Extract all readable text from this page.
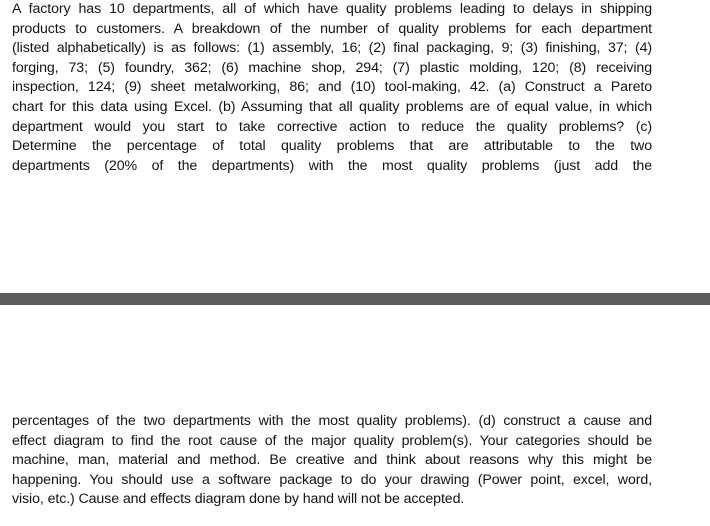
A factory has 10 departments, all of which have quality problems leading to delays in shipping
products to customers. A breakdown of the number of quality problems for each department
(listed alphabetically) is as follows: (1) assembly, 16; (2) final packaging, 9; (3) finishing, 37; (4)
forging, 73; (5) foundry, 362; (6) machine shop, 294; (7) plastic molding, 120; (8) receiving
inspection, 124; (9) sheet metalworking, 86; and (10) tool-making, 42. (a) Construct a Pareto
chart for this data using Excel. (b) Assuming that all quality problems are of equal value, in which
department would you start to take corrective action to reduce the quality problems? (c)
Determine the percentage of total quality problems that are attributable to the two
departments (20% of the departments) with the most quality problems (just add the
percentages of the two departments with the most quality problems). (d) construct a cause and
effect diagram to find the root cause of the major quality problem(s). Your categories should be
machine, man, material and method. Be creative and think about reasons why this might be
happening. You should use a software package to do your drawing (Power point, excel, word,
visio, etc.) Cause and effects diagram done by hand will not be accepted.
